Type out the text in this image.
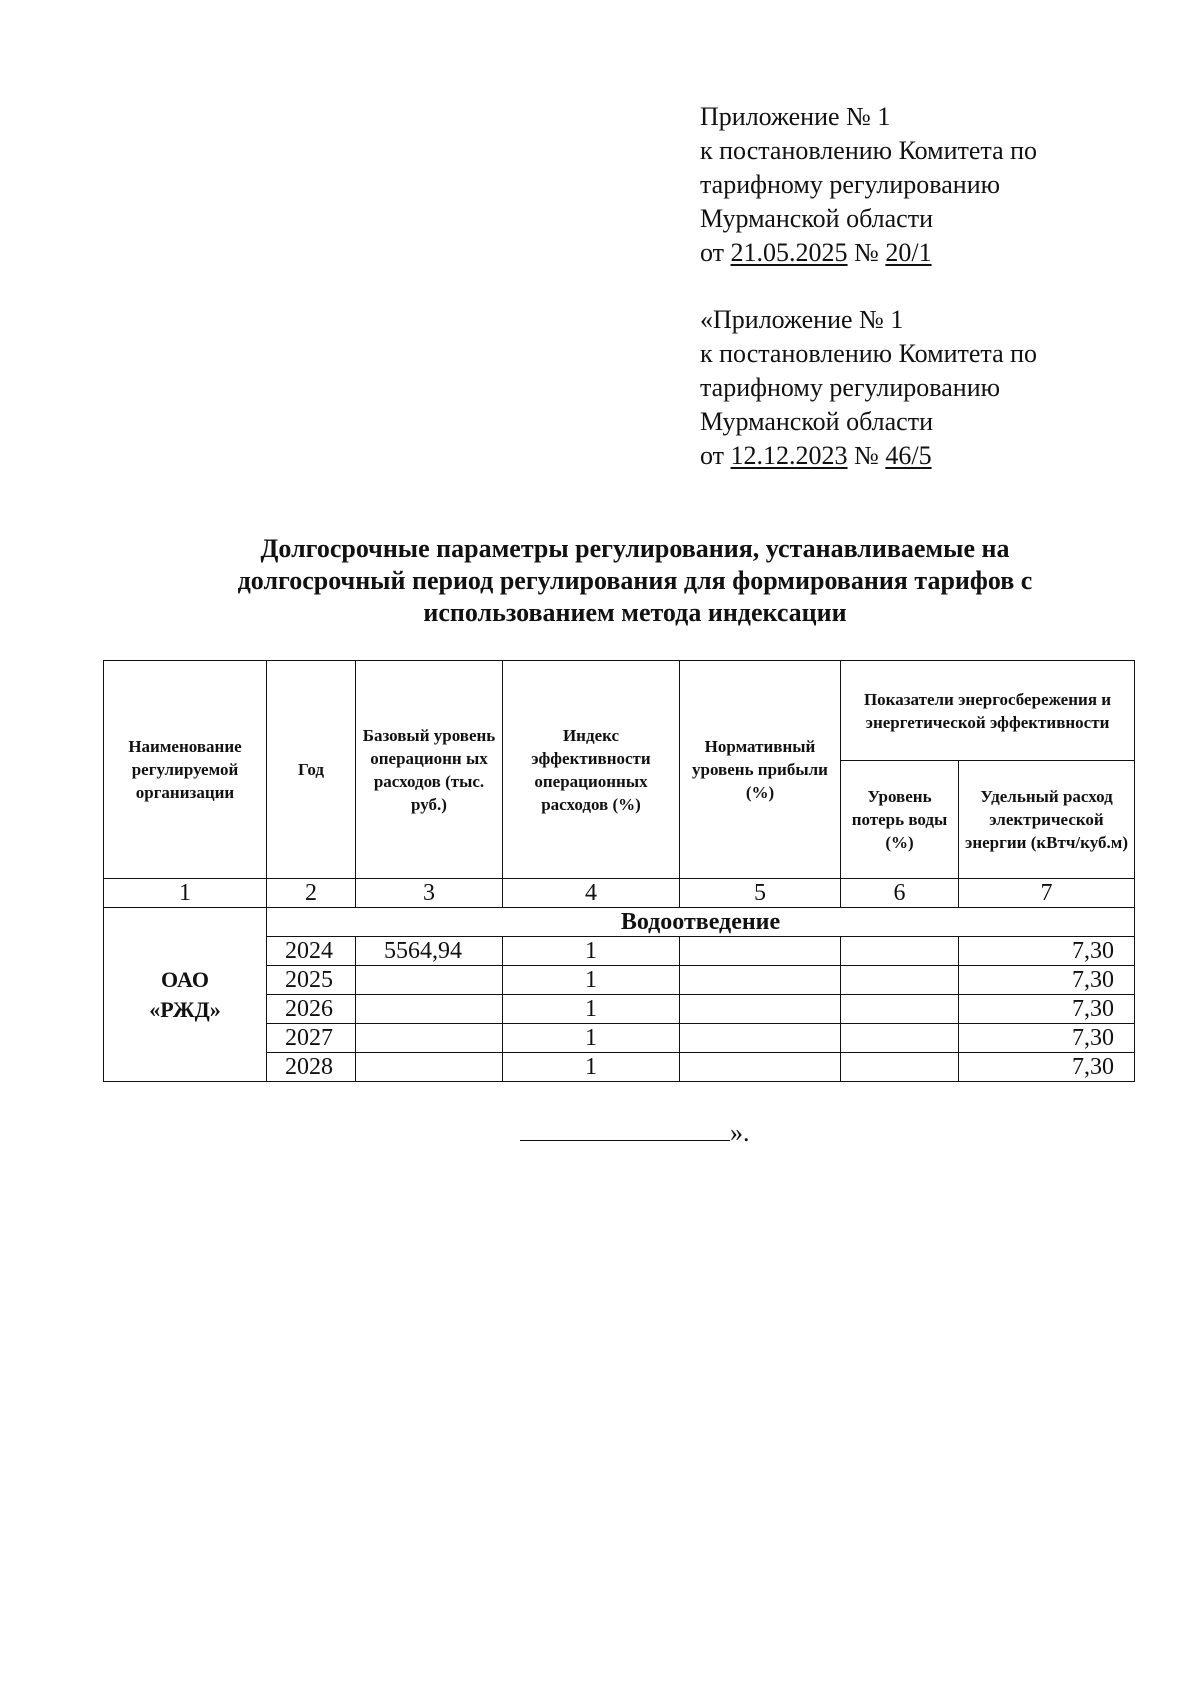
Приложение № 1
к постановлению Комитета по
тарифному регулированию
Мурманской области
от 21.05.2025 № 20/1
«Приложение № 1
к постановлению Комитета по
тарифному регулированию
Мурманской области
от 12.12.2023 № 46/5
Долгосрочные параметры регулирования, устанавливаемые на
долгосрочный период регулирования для формирования тарифов с
использованием метода индексации
Наименование регулируемой организации	Год	Базовый уровень операционн ых расходов (тыс. руб.)	Индекс эффективности операционных расходов (%)	Нормативный уровень прибыли (%)	Показатели энергосбережения и энергетической эффективности	
					Уровень потерь воды (%)	Удельный расход электрической энергии (кВтч/куб.м)
1	2	3	4	5	6	7

ОАО
«РЖД»	Водоотведение					
	2024	5564,94	1			7,30
	2025		1			7,30
	2026		1			7,30
	2027		1			7,30
	2028		1			7,30
».
